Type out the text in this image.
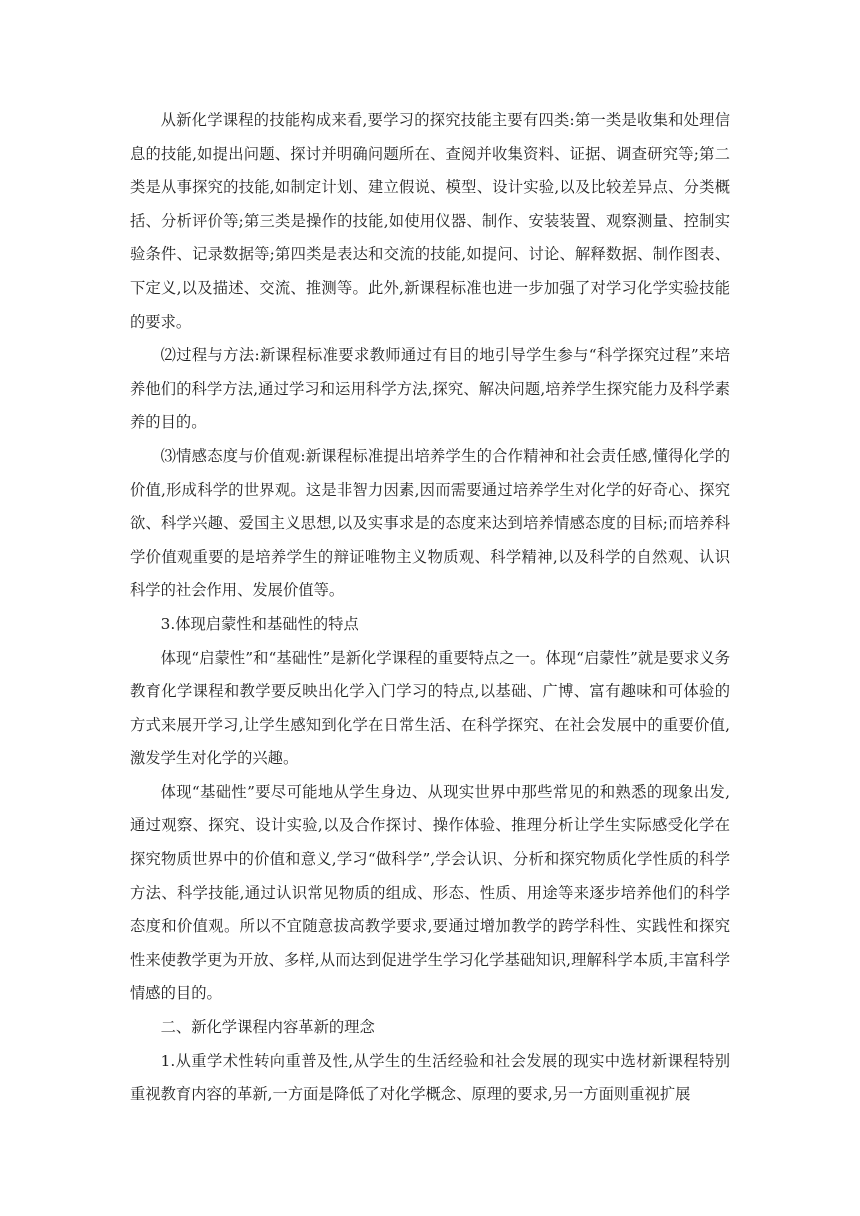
从新化学课程的技能构成来看,要学习的探究技能主要有四类:第一类是收集和处理信息的技能,如提出问题、探讨并明确问题所在、查阅并收集资料、证据、调查研究等;第二类是从事探究的技能,如制定计划、建立假说、模型、设计实验,以及比较差异点、分类概括、分析评价等;第三类是操作的技能,如使用仪器、制作、安装装置、观察测量、控制实验条件、记录数据等;第四类是表达和交流的技能,如提问、讨论、解释数据、制作图表、下定义,以及描述、交流、推测等。此外,新课程标准也进一步加强了对学习化学实验技能的要求。

⑵过程与方法:新课程标准要求教师通过有目的地引导学生参与“科学探究过程”来培养他们的科学方法,通过学习和运用科学方法,探究、解决问题,培养学生探究能力及科学素养的目的。

⑶情感态度与价值观:新课程标准提出培养学生的合作精神和社会责任感,懂得化学的价值,形成科学的世界观。这是非智力因素,因而需要通过培养学生对化学的好奇心、探究欲、科学兴趣、爱国主义思想,以及实事求是的态度来达到培养情感态度的目标;而培养科学价值观重要的是培养学生的辩证唯物主义物质观、科学精神,以及科学的自然观、认识科学的社会作用、发展价值等。

3.体现启蒙性和基础性的特点

体现“启蒙性”和“基础性”是新化学课程的重要特点之一。体现“启蒙性”就是要求义务教育化学课程和教学要反映出化学入门学习的特点,以基础、广博、富有趣味和可体验的方式来展开学习,让学生感知到化学在日常生活、在科学探究、在社会发展中的重要价值,激发学生对化学的兴趣。

体现“基础性”要尽可能地从学生身边、从现实世界中那些常见的和熟悉的现象出发,通过观察、探究、设计实验,以及合作探讨、操作体验、推理分析让学生实际感受化学在探究物质世界中的价值和意义,学习“做科学”,学会认识、分析和探究物质化学性质的科学方法、科学技能,通过认识常见物质的组成、形态、性质、用途等来逐步培养他们的科学态度和价值观。所以不宜随意拔高教学要求,要通过增加教学的跨学科性、实践性和探究性来使教学更为开放、多样,从而达到促进学生学习化学基础知识,理解科学本质,丰富科学情感的目的。

二、新化学课程内容革新的理念

1.从重学术性转向重普及性,从学生的生活经验和社会发展的现实中选材新课程特别重视教育内容的革新,一方面是降低了对化学概念、原理的要求,另一方面则重视扩展
